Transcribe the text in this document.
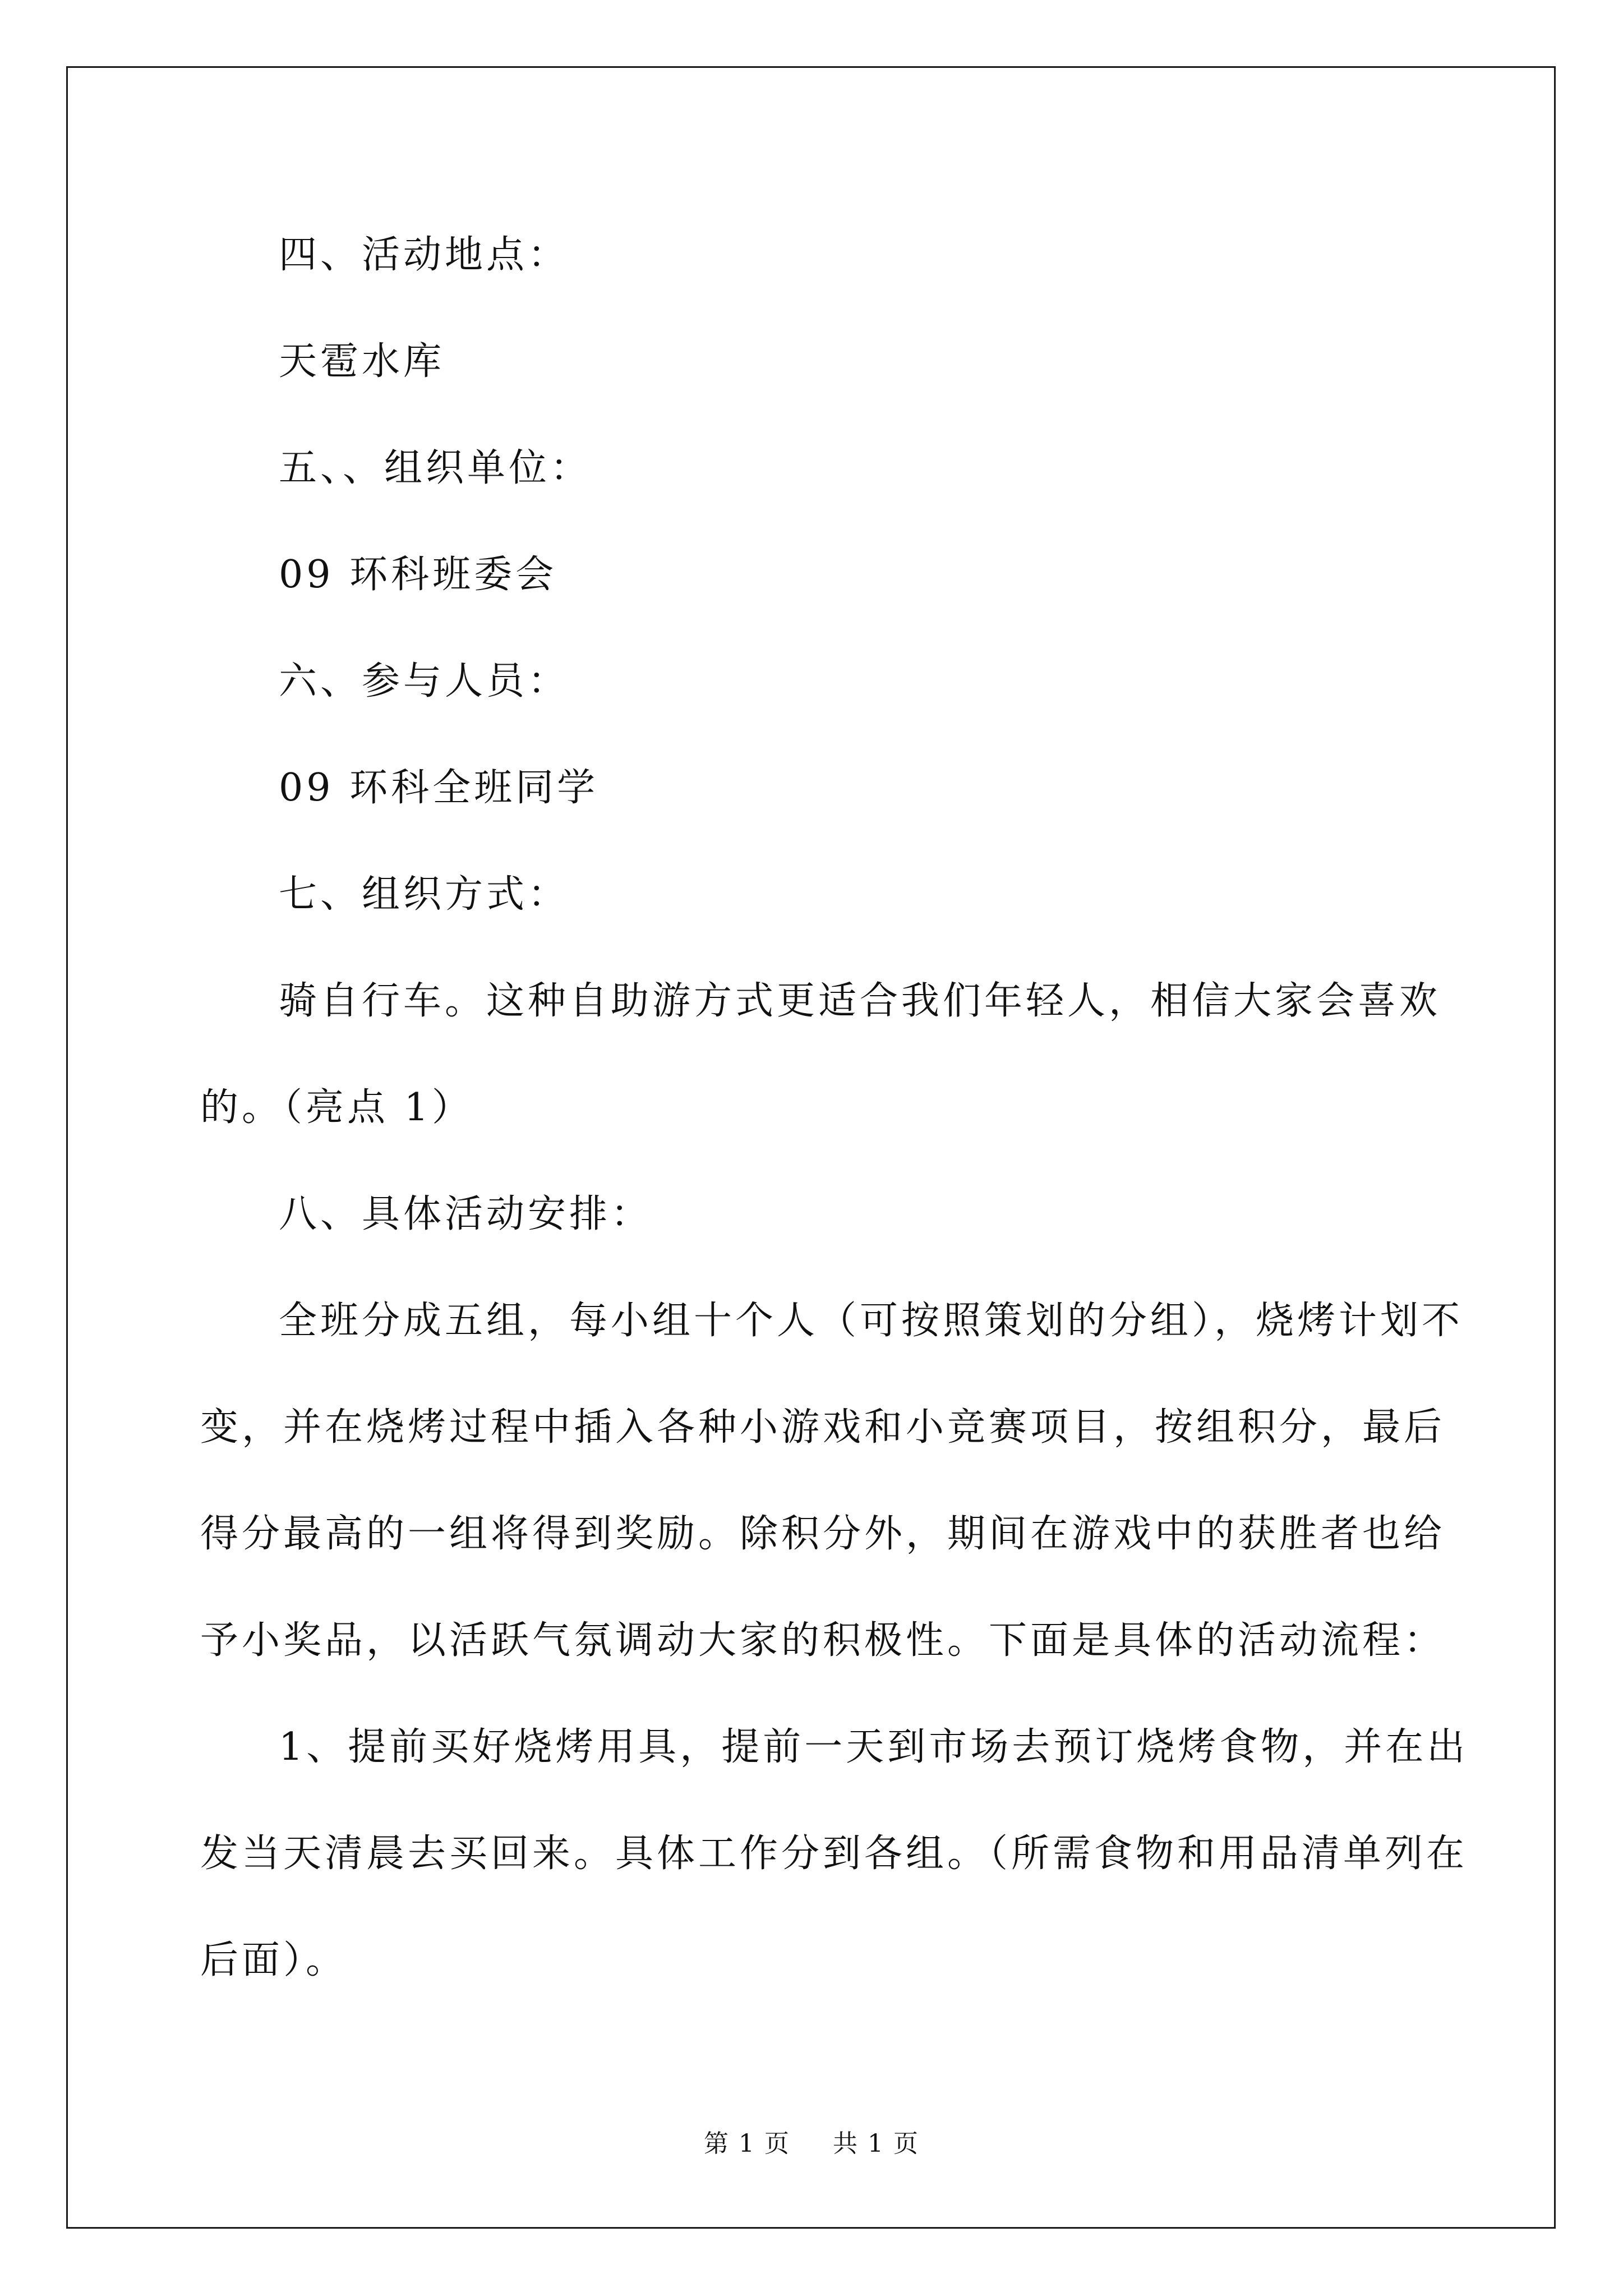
四、活动地点：
天雹水库
五、、组织单位：
09 环科班委会
六、参与人员：
09 环科全班同学
七、组织方式：
骑自行车。这种自助游方式更适合我们年轻人，相信大家会喜欢
的。（亮点 1）
八、具体活动安排：
全班分成五组，每小组十个人（可按照策划的分组），烧烤计划不
变，并在烧烤过程中插入各种小游戏和小竞赛项目，按组积分，最后
得分最高的一组将得到奖励。除积分外，期间在游戏中的获胜者也给
予小奖品，以活跃气氛调动大家的积极性。下面是具体的活动流程：
1、提前买好烧烤用具，提前一天到市场去预订烧烤食物，并在出
发当天清晨去买回来。具体工作分到各组。（所需食物和用品清单列在
后面）。
第 1 页 共 1 页
